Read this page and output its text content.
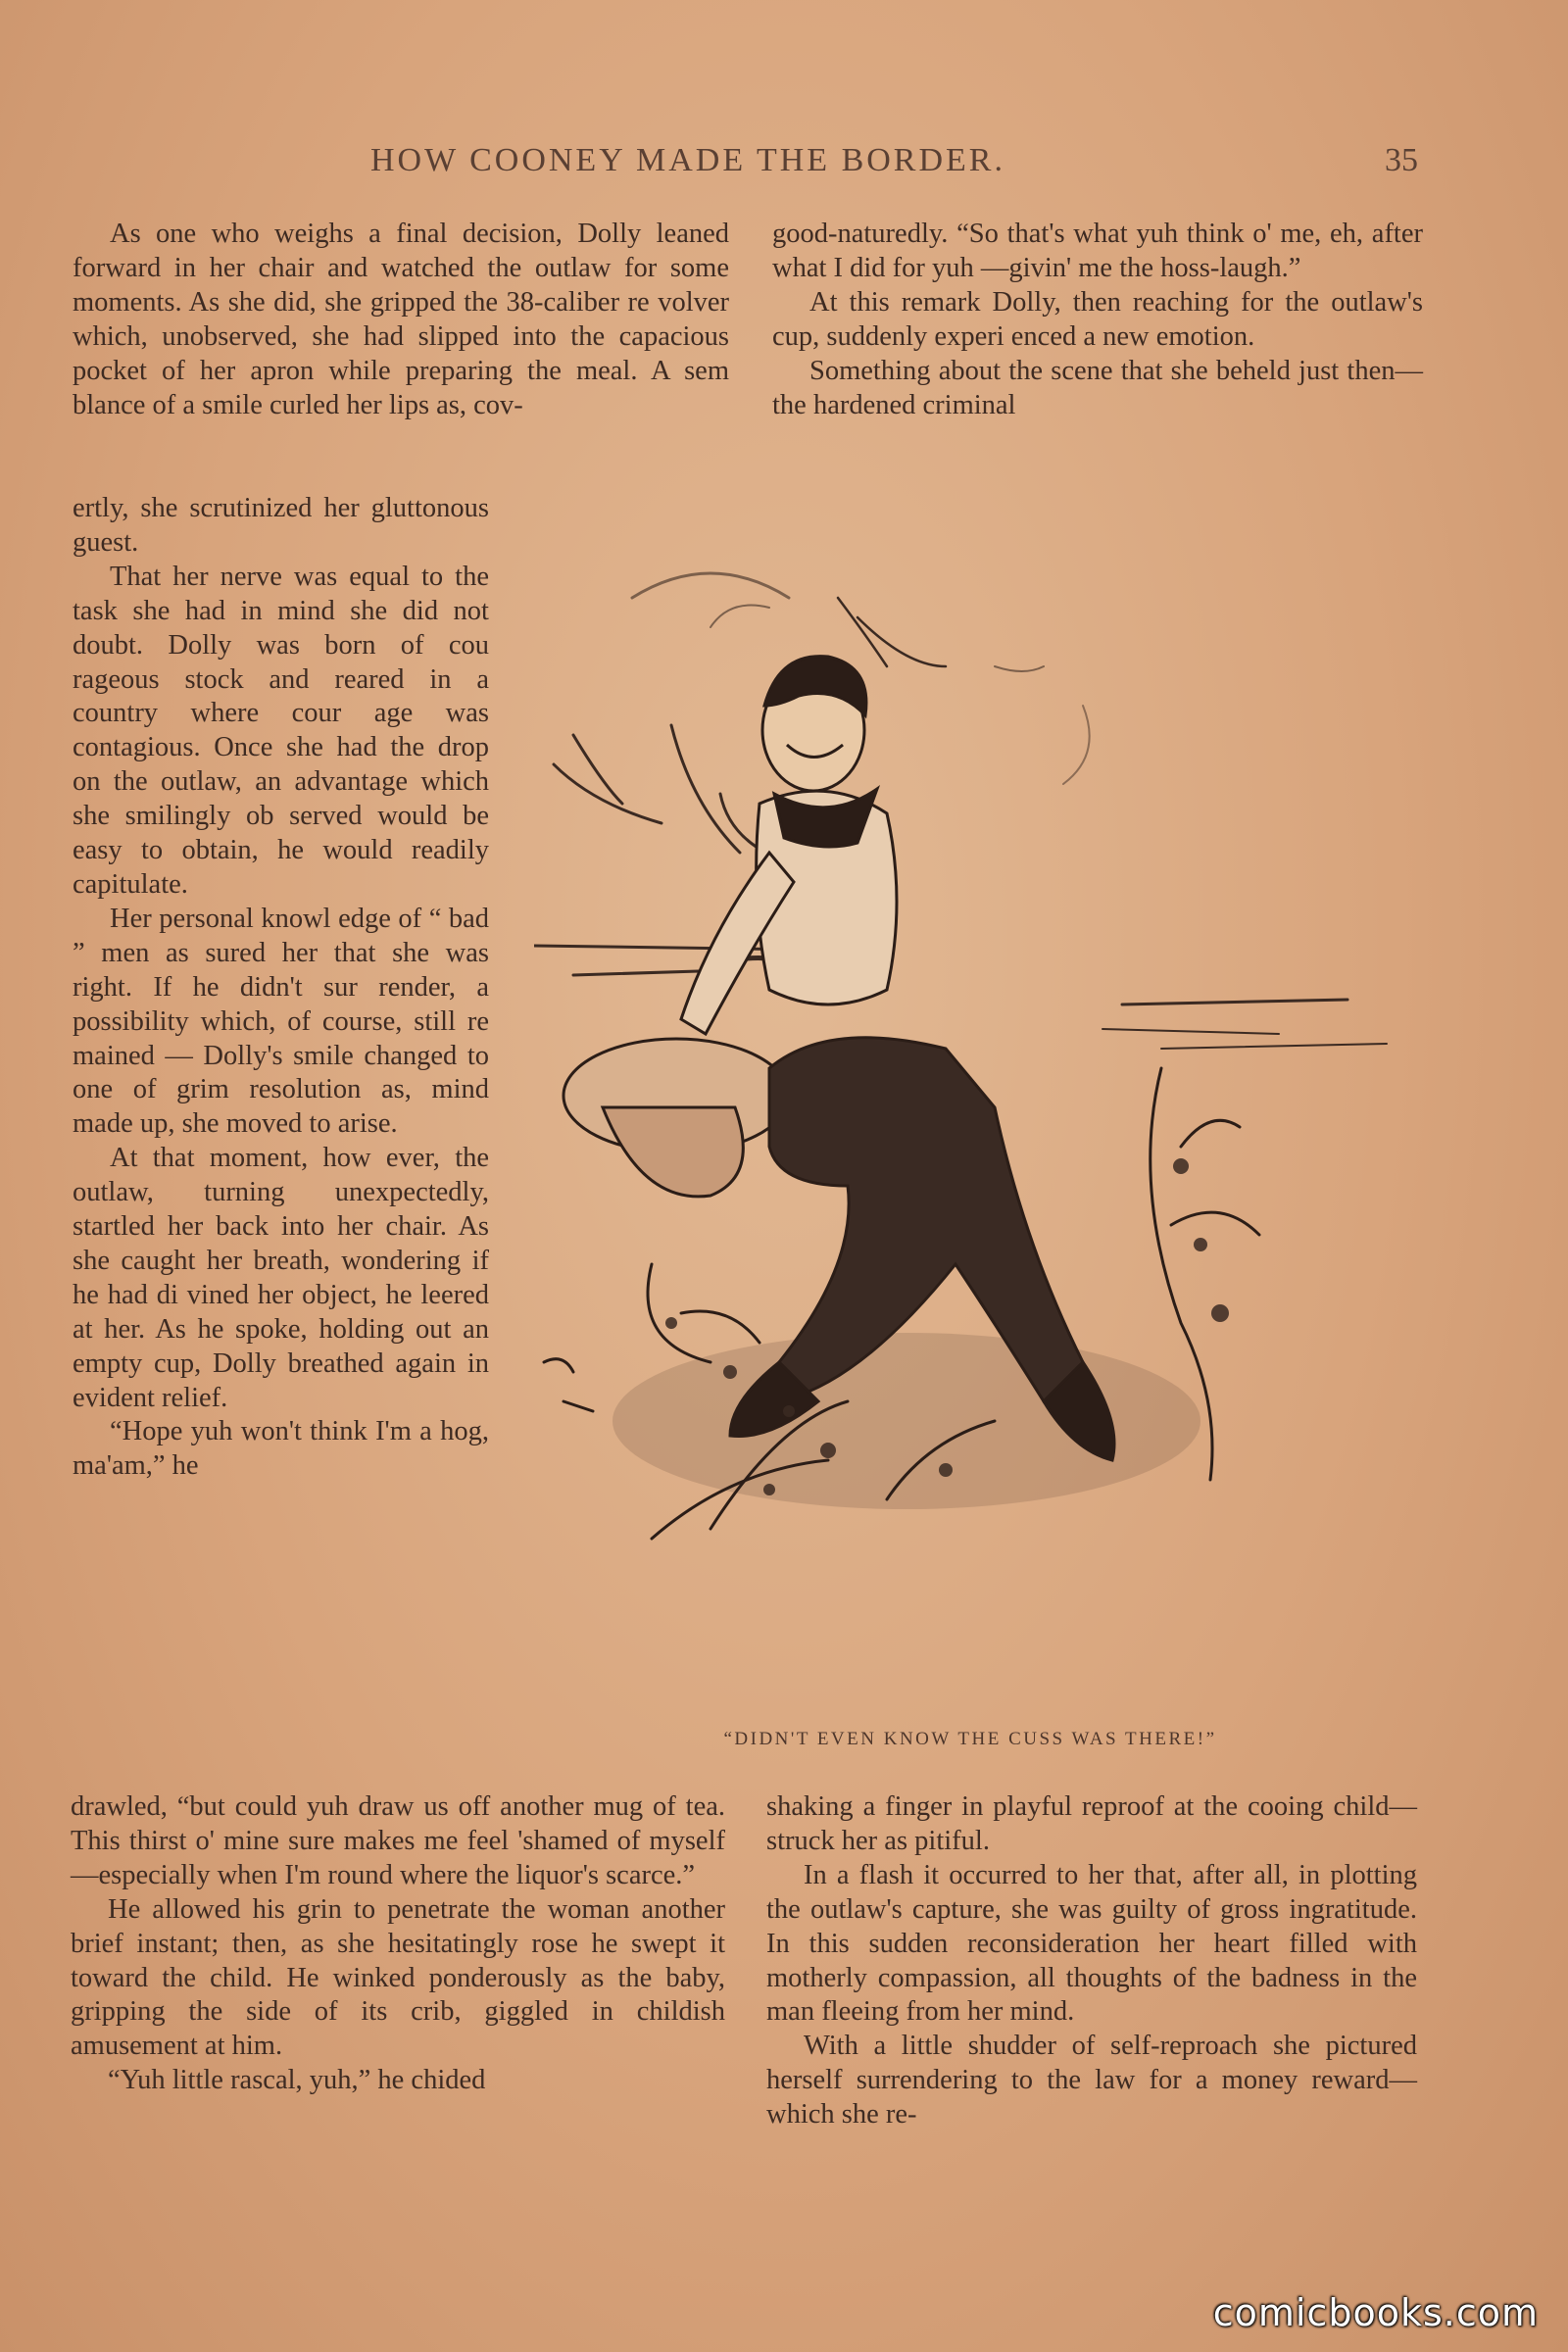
HOW COONEY MADE THE BORDER.	35

As one who weighs a final decision, Dolly leaned forward in her chair and watched the outlaw for some moments. As she did, she gripped the 38-caliber re volver which, unobserved, she had slipped into the capacious pocket of her apron while preparing the meal. A sem blance of a smile curled her lips as, cov-

ertly, she scrutinized her gluttonous guest.

That her nerve was equal to the task she had in mind she did not doubt. Dolly was born of cou rageous stock and reared in a country where cour age was contagious. Once she had the drop on the outlaw, an advantage which she smilingly ob served would be easy to obtain, he would readily capitulate.

Her personal knowl edge of “ bad ” men as sured her that she was right. If he didn't sur render, a possibility which, of course, still re mained — Dolly's smile changed to one of grim resolution as, mind made up, she moved to arise.

At that moment, how ever, the outlaw, turning unexpectedly, startled her back into her chair. As she caught her breath, wondering if he had di vined her object, he leered at her. As he spoke, holding out an empty cup, Dolly breathed again in evident relief.

“Hope yuh won't think I'm a hog, ma'am,” he

drawled, “but could yuh draw us off another mug of tea. This thirst o' mine sure makes me feel 'shamed of myself —especially when I'm round where the liquor's scarce.”

He allowed his grin to penetrate the woman another brief instant; then, as she hesitatingly rose he swept it toward the child. He winked ponderously as the baby, gripping the side of its crib, giggled in childish amusement at him.

“Yuh little rascal, yuh,” he chided

good-naturedly. “So that's what yuh think o' me, eh, after what I did for yuh —givin' me the hoss-laugh.”

At this remark Dolly, then reaching for the outlaw's cup, suddenly experi enced a new emotion.

Something about the scene that she beheld just then—the hardened criminal

“DIDN'T EVEN KNOW THE CUSS WAS THERE!”

shaking a finger in playful reproof at the cooing child—struck her as pitiful.

In a flash it occurred to her that, after all, in plotting the outlaw's capture, she was guilty of gross ingratitude. In this sudden reconsideration her heart filled with motherly compassion, all thoughts of the badness in the man fleeing from her mind.

With a little shudder of self-reproach she pictured herself surrendering to the law for a money reward—which she re-

comicbooks.com
